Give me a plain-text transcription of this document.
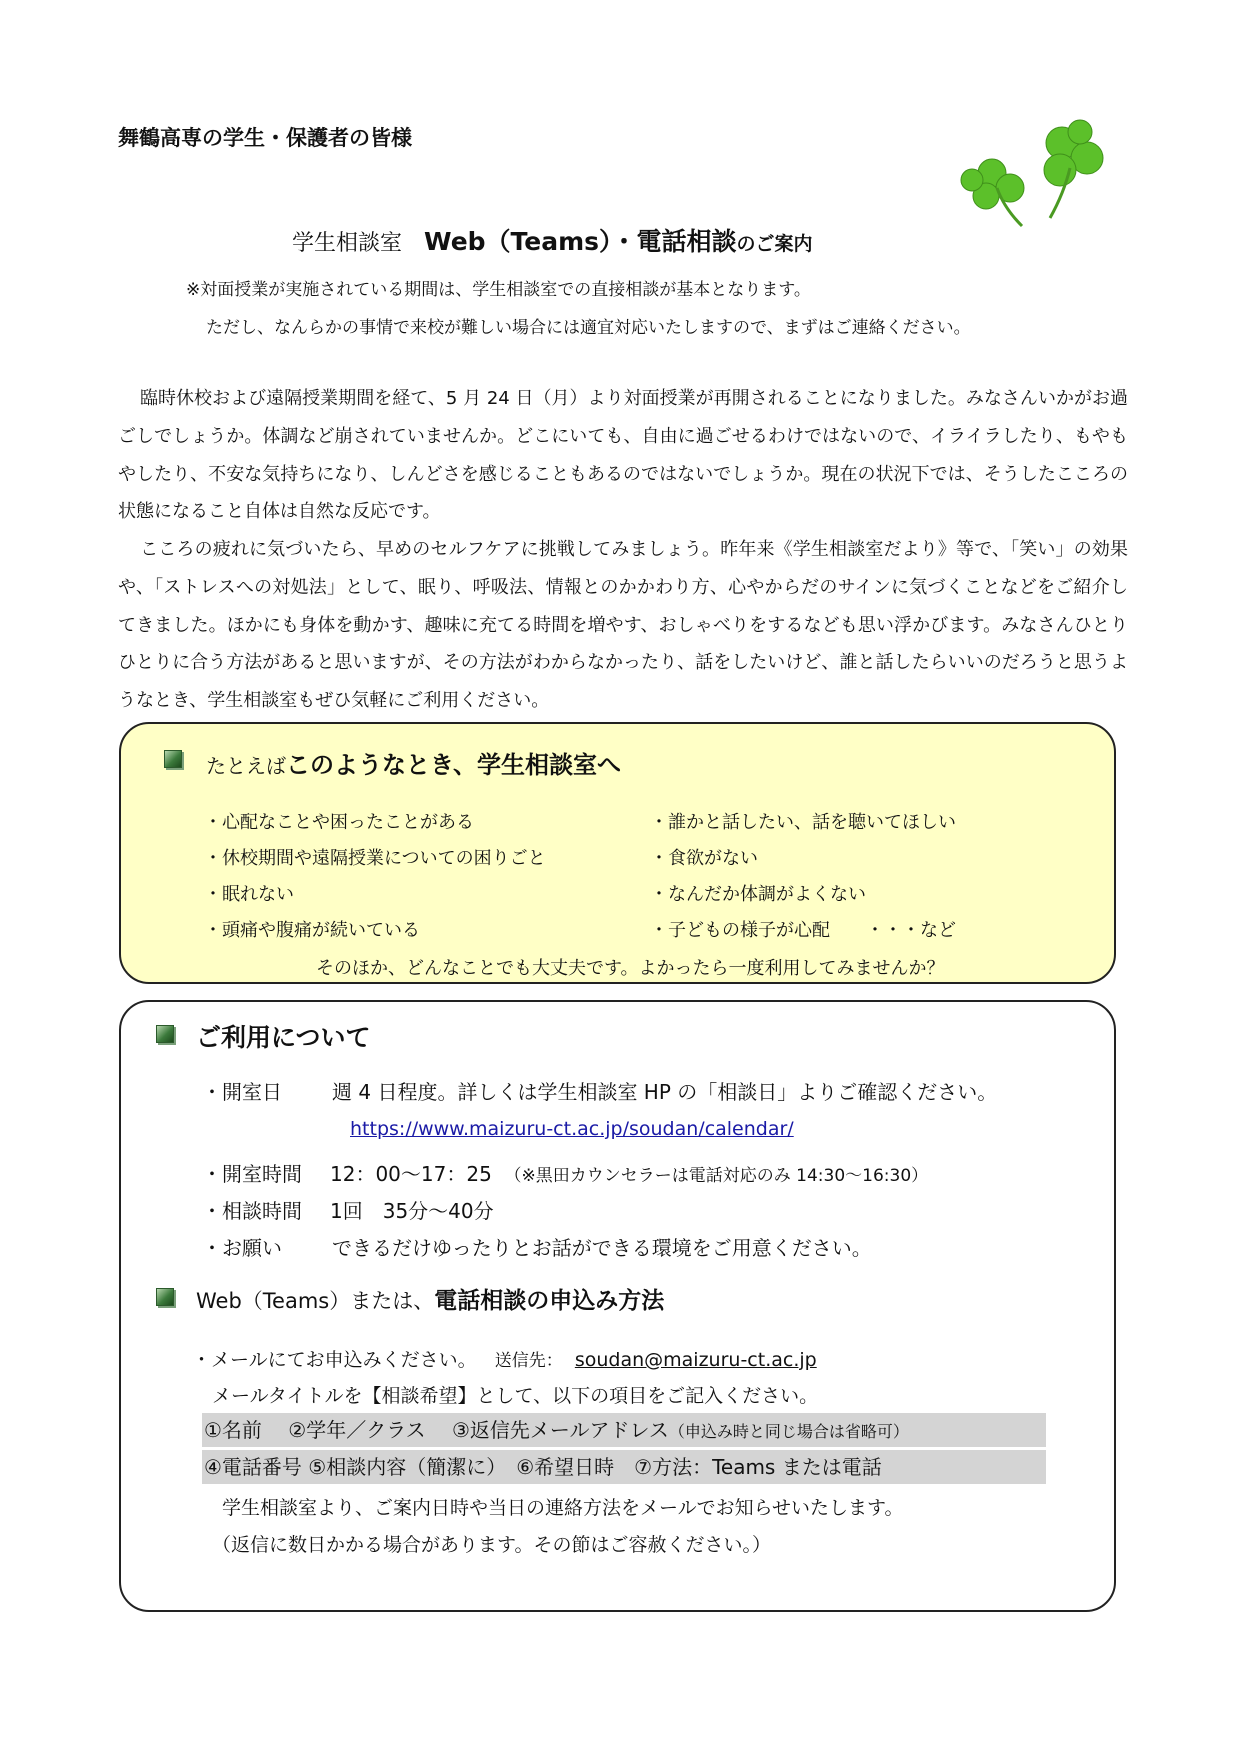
舞鶴高専の学生・保護者の皆様
学生相談室 Web（Teams）・電話相談のご案内
※対面授業が実施されている期間は、学生相談室での直接相談が基本となります。
ただし、なんらかの事情で来校が難しい場合には適宜対応いたしますので、まずはご連絡ください。
臨時休校および遠隔授業期間を経て、5 月 24 日（月）より対面授業が再開されることになりました。みなさんいかがお過ごしでしょうか。体調など崩されていませんか。どこにいても、自由に過ごせるわけではないので、イライラしたり、もやもやしたり、不安な気持ちになり、しんどさを感じることもあるのではないでしょうか。現在の状況下では、そうしたこころの状態になること自体は自然な反応です。
こころの疲れに気づいたら、早めのセルフケアに挑戦してみましょう。昨年来《学生相談室だより》等で、「笑い」の効果や、「ストレスへの対処法」として、眠り、呼吸法、情報とのかかわり方、心やからだのサインに気づくことなどをご紹介してきました。ほかにも身体を動かす、趣味に充てる時間を増やす、おしゃべりをするなども思い浮かびます。みなさんひとりひとりに合う方法があると思いますが、その方法がわからなかったり、話をしたいけど、誰と話したらいいのだろうと思うようなとき、学生相談室もぜひ気軽にご利用ください。
たとえばこのようなとき、学生相談室へ
・心配なことや困ったことがある
・休校期間や遠隔授業についての困りごと
・眠れない
・頭痛や腹痛が続いている
・誰かと話したい、話を聴いてほしい
・食欲がない
・なんだか体調がよくない
・子どもの様子が心配　　・・・など
そのほか、どんなことでも大丈夫です。よかったら一度利用してみませんか？
ご利用について
・開室日	週 4 日程度。詳しくは学生相談室 HP の「相談日」よりご確認ください。
https://www.maizuru-ct.ac.jp/soudan/calendar/
・開室時間 12：00～17：25 （※黒田カウンセラーは電話対応のみ 14:30～16:30）
・相談時間 1回　35分～40分
・お願い	できるだけゆったりとお話ができる環境をご用意ください。
Web（Teams）または、電話相談の申込み方法
・メールにてお申込みください。 送信先： soudan@maizuru-ct.ac.jp
メールタイトルを【相談希望】として、以下の項目をご記入ください。
①名前　 ②学年／クラス　 ③返信先メールアドレス（申込み時と同じ場合は省略可）
④電話番号 ⑤相談内容（簡潔に）　⑥希望日時　⑦方法：Teams または電話
学生相談室より、ご案内日時や当日の連絡方法をメールでお知らせいたします。
（返信に数日かかる場合があります。その節はご容赦ください。）
